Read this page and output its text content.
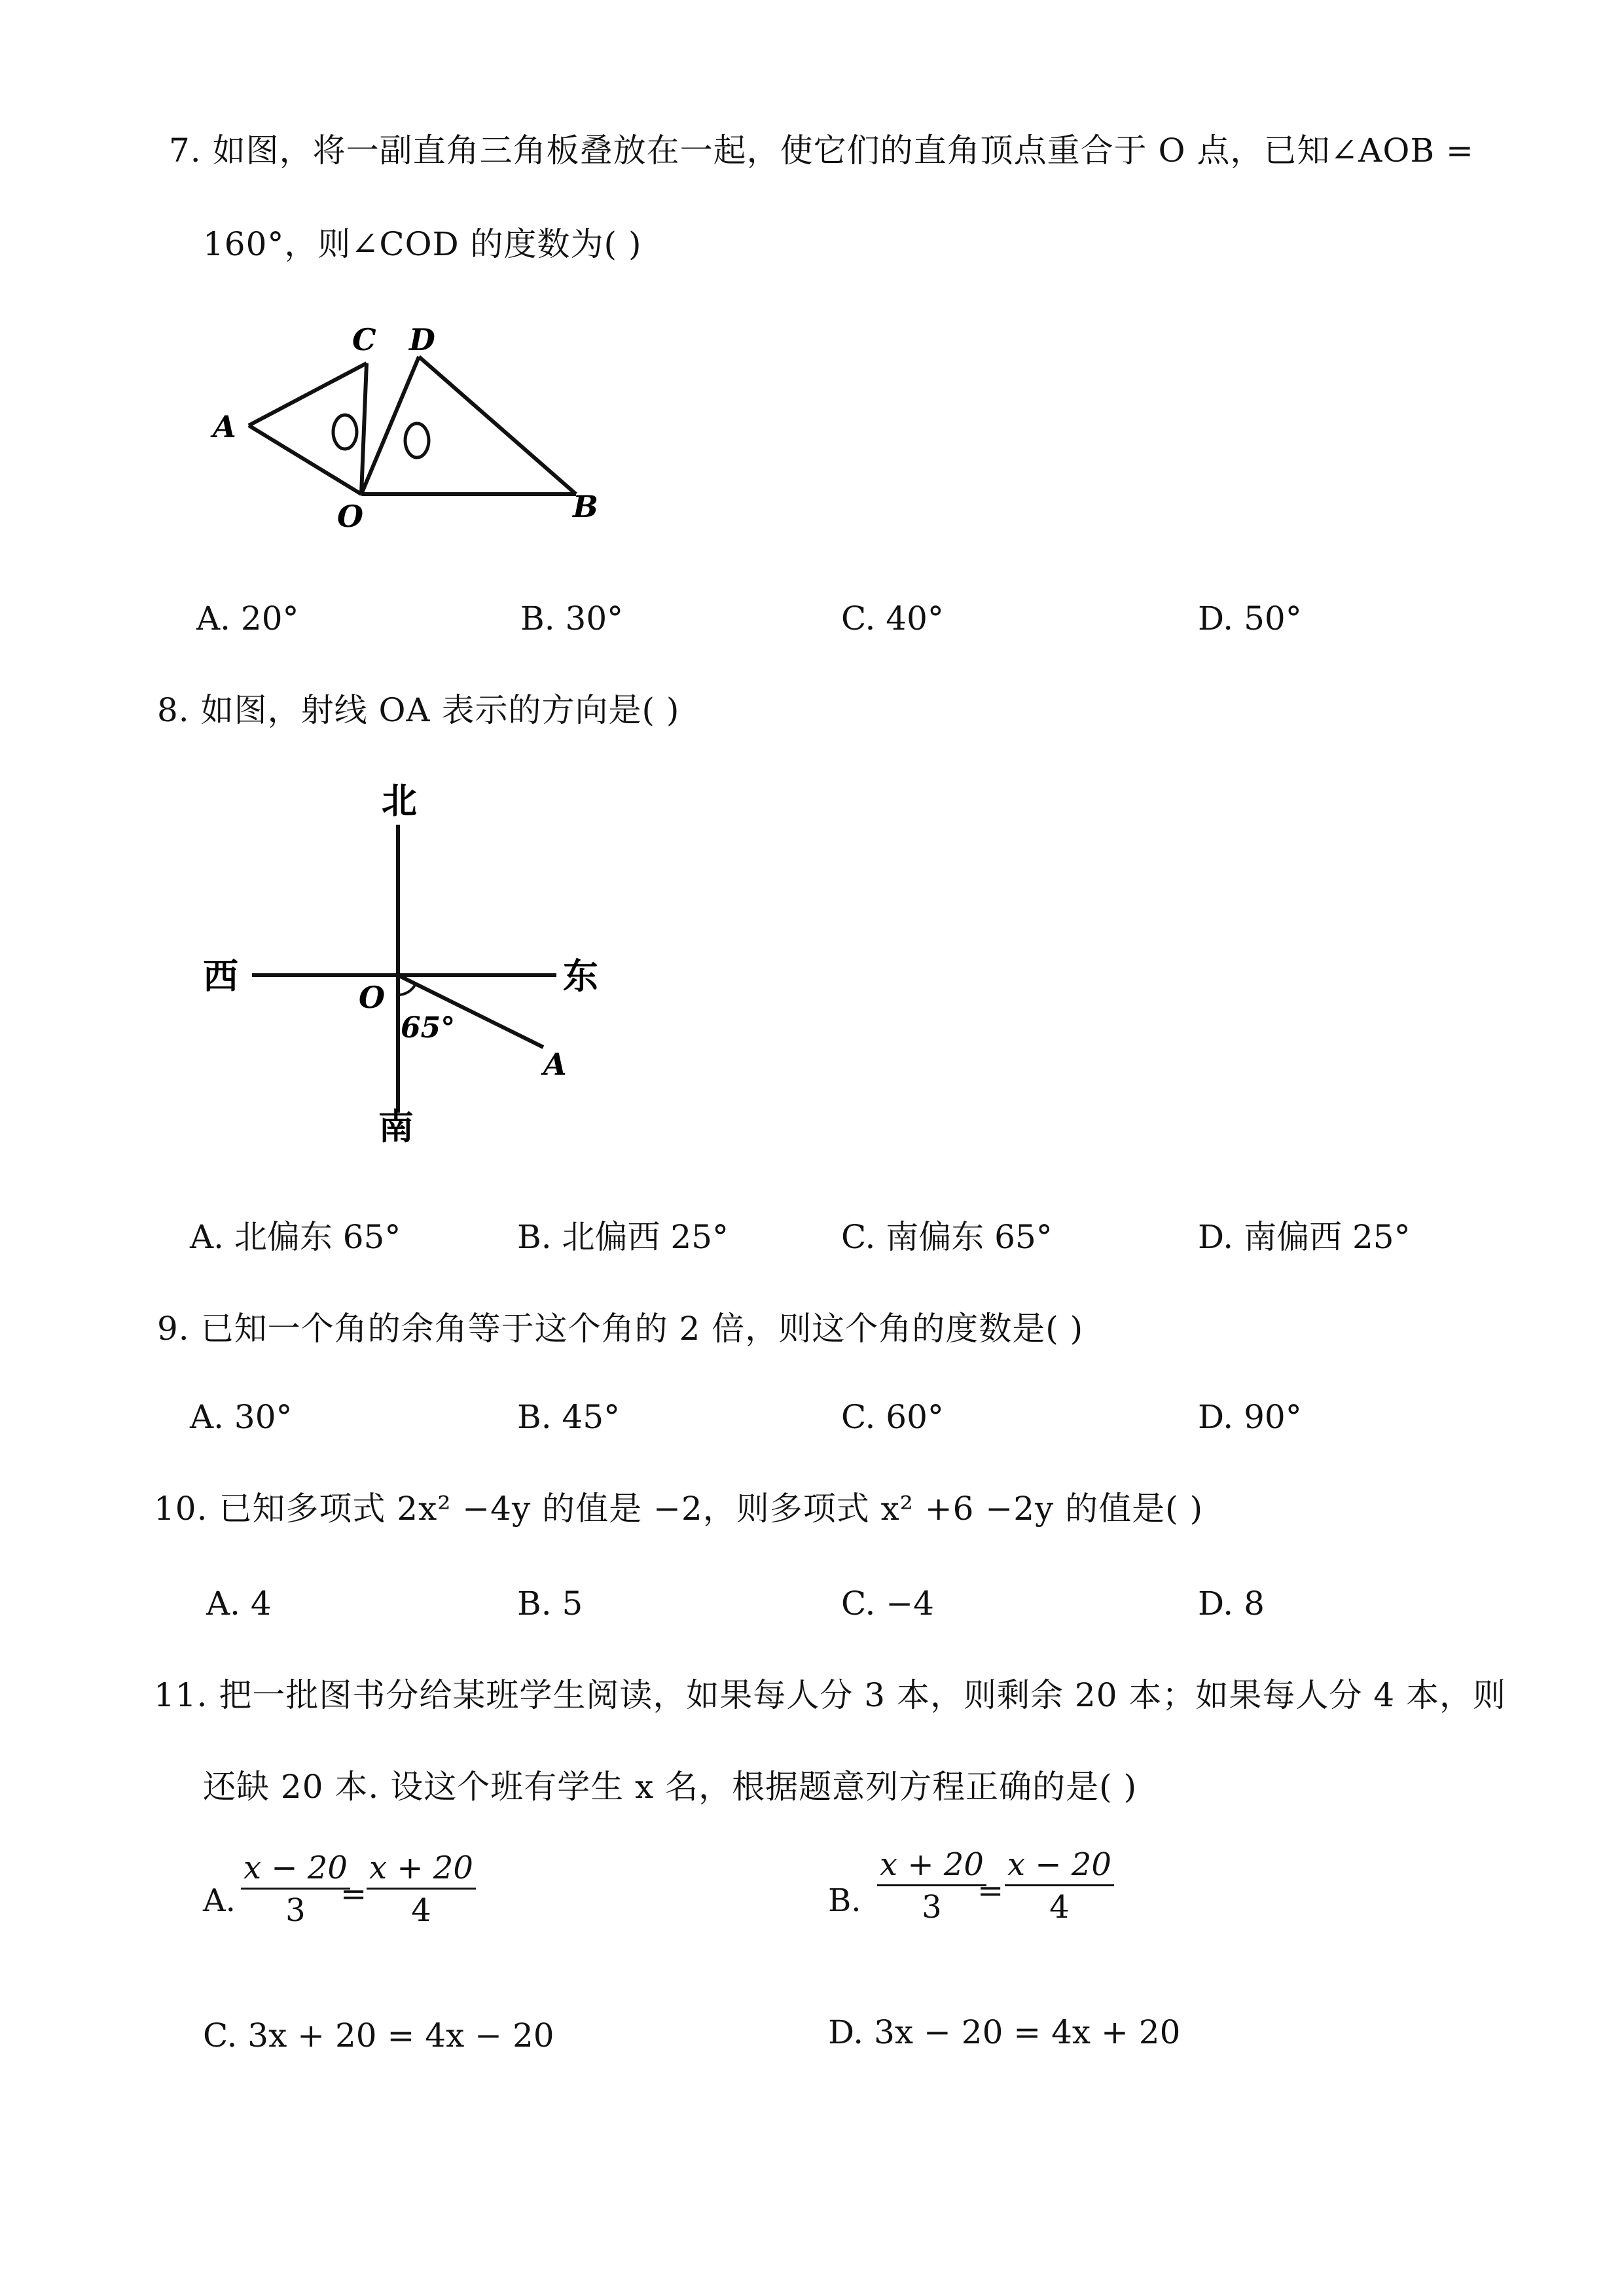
7. 如图，将一副直角三角板叠放在一起，使它们的直角顶点重合于 O 点，已知∠AOB =
160°，则∠COD 的度数为( )
C D
A
O	B
A. 20°	B. 30°	C. 40°	D. 50°
8. 如图，射线 OA 表示的方向是( )
北
西	东
南
O
A
65°
A. 北偏东 65°	B. 北偏西 25°	C. 南偏东 65°	D. 南偏西 25°
9. 已知一个角的余角等于这个角的 2 倍，则这个角的度数是( )
A. 30°	B. 45°	C. 60°	D. 90°
10. 已知多项式 2x² −4y 的值是 −2，则多项式 x² +6 −2y 的值是( )
A. 4	B. 5	C. −4	D. 8
11. 把一批图书分给某班学生阅读，如果每人分 3 本，则剩余 20 本；如果每人分 4 本，则
还缺 20 本. 设这个班有学生 x 名，根据题意列方程正确的是( )
A. $\frac{x - 20}{3}$
= $\frac{x + 20}{4}$	B. $\frac{x + 20}{3}$
= $\frac{x - 20}{4}$
C. 3x + 20 = 4x − 20	D. 3x − 20 = 4x + 20
